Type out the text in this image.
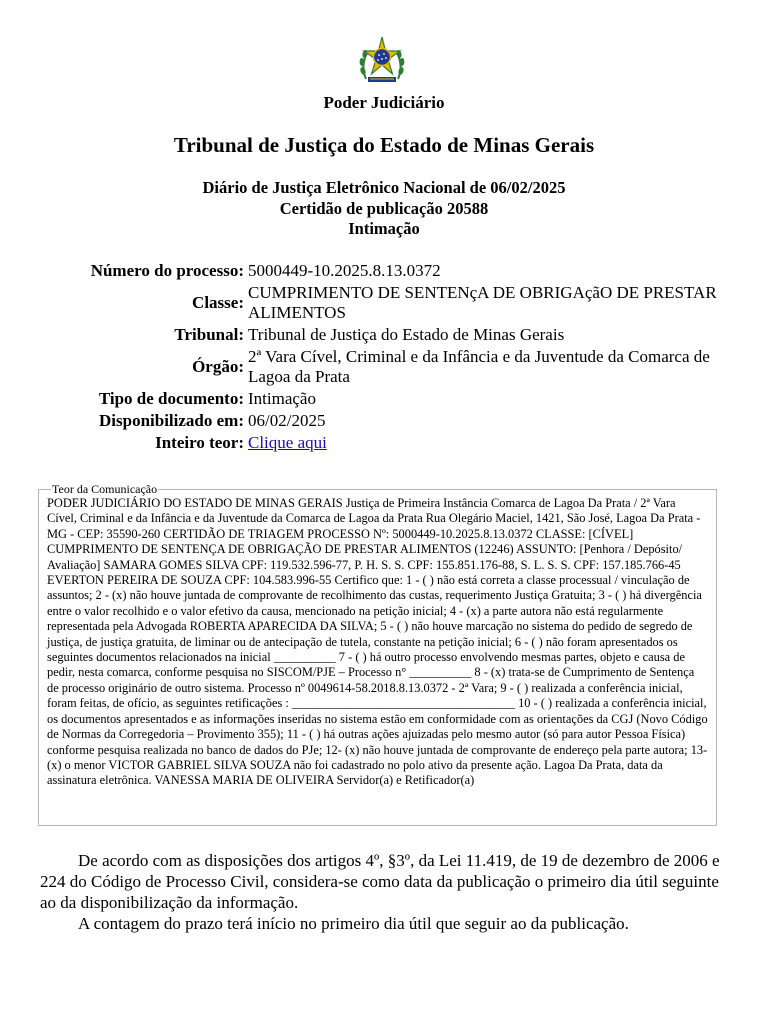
Poder Judiciário
Tribunal de Justiça do Estado de Minas Gerais
Diário de Justiça Eletrônico Nacional de 06/02/2025
Certidão de publicação 20588
Intimação
Número do processo:	5000449-10.2025.8.13.0372
Classe:	CUMPRIMENTO DE SENTENçA DE OBRIGAçãO DE PRESTAR ALIMENTOS
Tribunal:	Tribunal de Justiça do Estado de Minas Gerais
Órgão:	2ª Vara Cível, Criminal e da Infância e da Juventude da Comarca de Lagoa da Prata
Tipo de documento:	Intimação
Disponibilizado em:	06/02/2025
Inteiro teor:	Clique aqui
Teor da Comunicação
PODER JUDICIÁRIO DO ESTADO DE MINAS GERAIS Justiça de Primeira Instância Comarca de Lagoa Da Prata / 2ª Vara Cível, Criminal e da Infância e da Juventude da Comarca de Lagoa da Prata Rua Olegário Maciel, 1421, São José, Lagoa Da Prata - MG - CEP: 35590-260 CERTIDÃO DE TRIAGEM PROCESSO Nº: 5000449-10.2025.8.13.0372 CLASSE: [CÍVEL] CUMPRIMENTO DE SENTENÇA DE OBRIGAÇÃO DE PRESTAR ALIMENTOS (12246) ASSUNTO: [Penhora / Depósito/ Avaliação] SAMARA GOMES SILVA CPF: 119.532.596-77, P. H. S. S. CPF: 155.851.176-88, S. L. S. S. CPF: 157.185.766-45 EVERTON PEREIRA DE SOUZA CPF: 104.583.996-55 Certifico que: 1 - ( ) não está correta a classe processual / vinculação de assuntos; 2 - (x) não houve juntada de comprovante de recolhimento das custas, requerimento Justiça Gratuita; 3 - ( ) há divergência entre o valor recolhido e o valor efetivo da causa, mencionado na petição inicial; 4 - (x) a parte autora não está regularmente representada pela Advogada ROBERTA APARECIDA DA SILVA; 5 - ( ) não houve marcação no sistema do pedido de segredo de justiça, de justiça gratuita, de liminar ou de antecipação de tutela, constante na petição inicial; 6 - ( ) não foram apresentados os seguintes documentos relacionados na inicial __________ 7 - ( ) há outro processo envolvendo mesmas partes, objeto e causa de pedir, nesta comarca, conforme pesquisa no SISCOM/PJE – Processo n° __________ 8 - (x) trata-se de Cumprimento de Sentença de processo originário de outro sistema. Processo nº 0049614-58.2018.8.13.0372 - 2ª Vara; 9 - ( ) realizada a conferência inicial, foram feitas, de ofício, as seguintes retificações : ____________________________________ 10 - ( ) realizada a conferência inicial, os documentos apresentados e as informações inseridas no sistema estão em conformidade com as orientações da CGJ (Novo Código de Normas da Corregedoria – Provimento 355); 11 - ( ) há outras ações ajuizadas pelo mesmo autor (só para autor Pessoa Física) conforme pesquisa realizada no banco de dados do PJe; 12- (x) não houve juntada de comprovante de endereço pela parte autora; 13- (x) o menor VICTOR GABRIEL SILVA SOUZA não foi cadastrado no polo ativo da presente ação. Lagoa Da Prata, data da assinatura eletrônica. VANESSA MARIA DE OLIVEIRA Servidor(a) e Retificador(a)

De acordo com as disposições dos artigos 4º, §3º, da Lei 11.419, de 19 de dezembro de 2006 e 224 do Código de Processo Civil, considera-se como data da publicação o primeiro dia útil seguinte ao da disponibilização da informação.

A contagem do prazo terá início no primeiro dia útil que seguir ao da publicação.
